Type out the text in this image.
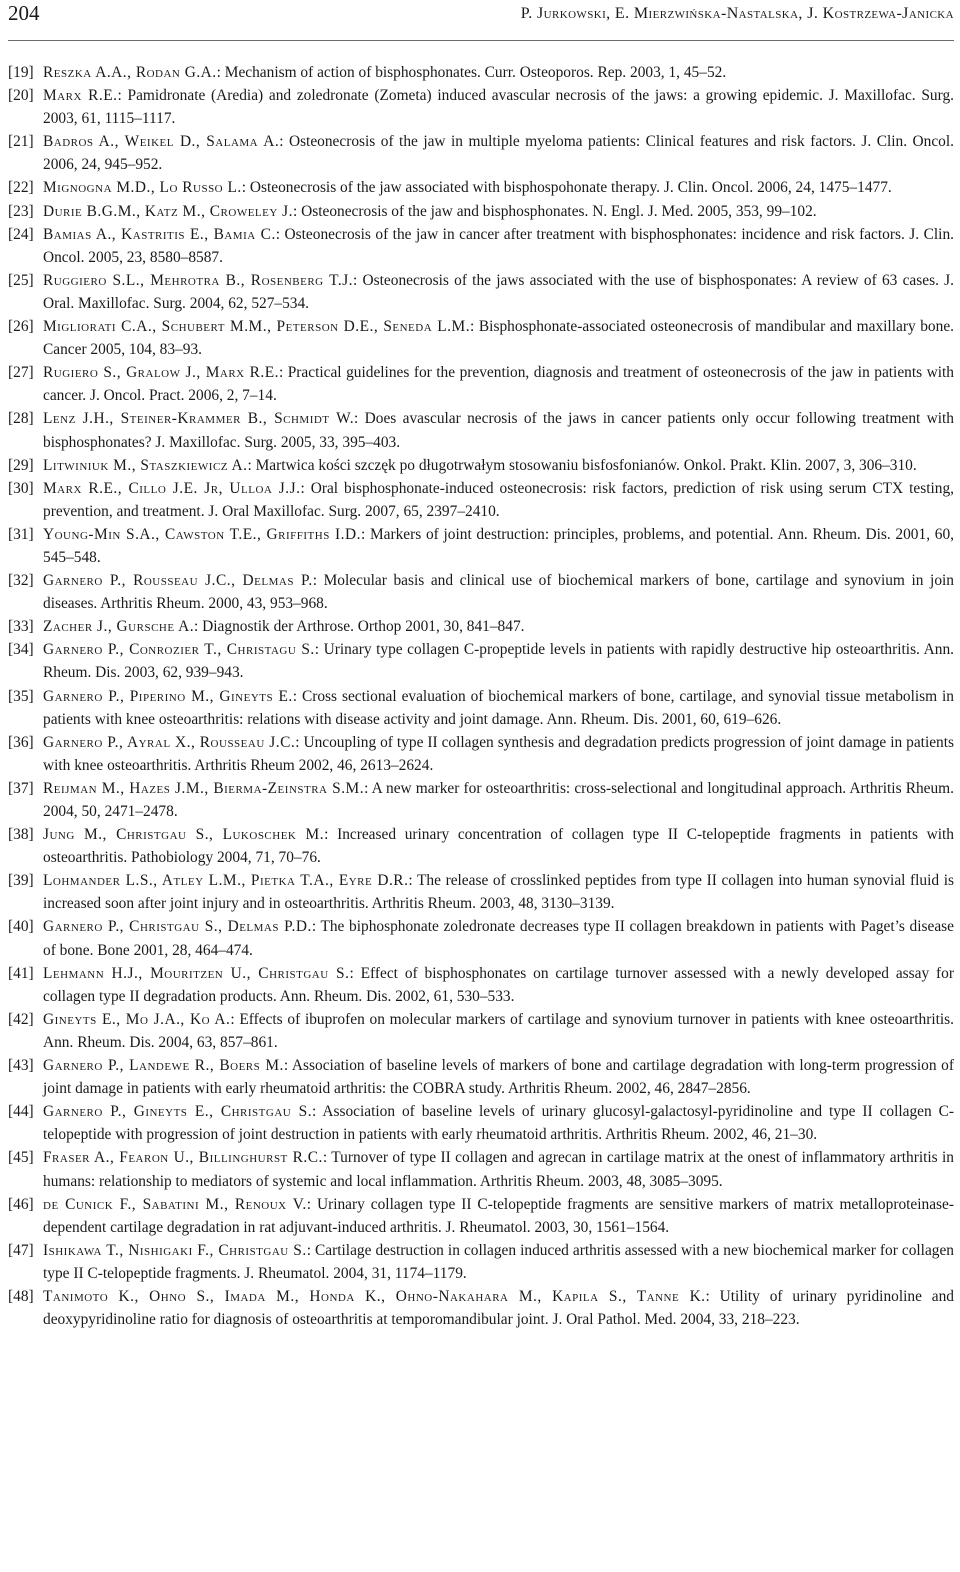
204	P. Jurkowski, E. Mierzwińska-Nastalska, J. Kostrzewa-Janicka
[19] Reszka A.A., Rodan G.A.: Mechanism of action of bisphosphonates. Curr. Osteoporos. Rep. 2003, 1, 45–52.
[20] Marx R.E.: Pamidronate (Aredia) and zoledronate (Zometa) induced avascular necrosis of the jaws: a growing epidemic. J. Maxillofac. Surg. 2003, 61, 1115–1117.
[21] Badros A., Weikel D., Salama A.: Osteonecrosis of the jaw in multiple myeloma patients: Clinical features and risk factors. J. Clin. Oncol. 2006, 24, 945–952.
[22] Mignogna M.D., Lo Russo L.: Osteonecrosis of the jaw associated with bisphospohonate therapy. J. Clin. Oncol. 2006, 24, 1475–1477.
[23] Durie B.G.M., Katz M., Croweley J.: Osteonecrosis of the jaw and bisphosphonates. N. Engl. J. Med. 2005, 353, 99–102.
[24] Bamias A., Kastritis E., Bamia C.: Osteonecrosis of the jaw in cancer after treatment with bisphosphonates: incidence and risk factors. J. Clin. Oncol. 2005, 23, 8580–8587.
[25] Ruggiero S.L., Mehrotra B., Rosenberg T.J.: Osteonecrosis of the jaws associated with the use of bisphosponates: A review of 63 cases. J. Oral. Maxillofac. Surg. 2004, 62, 527–534.
[26] Migliorati C.A., Schubert M.M., Peterson D.E., Seneda L.M.: Bisphosphonate-associated osteonecrosis of mandibular and maxillary bone. Cancer 2005, 104, 83–93.
[27] Rugiero S., Gralow J., Marx R.E.: Practical guidelines for the prevention, diagnosis and treatment of osteonecrosis of the jaw in patients with cancer. J. Oncol. Pract. 2006, 2, 7–14.
[28] Lenz J.H., Steiner-Krammer B., Schmidt W.: Does avascular necrosis of the jaws in cancer patients only occur following treatment with bisphosphonates? J. Maxillofac. Surg. 2005, 33, 395–403.
[29] Litwiniuk M., Staszkiewicz A.: Martwica kości szczęk po długotrwałym stosowaniu bisfosfonianów. Onkol. Prakt. Klin. 2007, 3, 306–310.
[30] Marx R.E., Cillo J.E. Jr, Ulloa J.J.: Oral bisphosphonate-induced osteonecrosis: risk factors, prediction of risk using serum CTX testing, prevention, and treatment. J. Oral Maxillofac. Surg. 2007, 65, 2397–2410.
[31] Young-Min S.A., Cawston T.E., Griffiths I.D.: Markers of joint destruction: principles, problems, and potential. Ann. Rheum. Dis. 2001, 60, 545–548.
[32] Garnero P., Rousseau J.C., Delmas P.: Molecular basis and clinical use of biochemical markers of bone, cartilage and synovium in join diseases. Arthritis Rheum. 2000, 43, 953–968.
[33] Zacher J., Gursche A.: Diagnostik der Arthrose. Orthop 2001, 30, 841–847.
[34] Garnero P., Conrozier T., Christagu S.: Urinary type collagen C-propeptide levels in patients with rapidly destructive hip osteoarthritis. Ann. Rheum. Dis. 2003, 62, 939–943.
[35] Garnero P., Piperino M., Gineyts E.: Cross sectional evaluation of biochemical markers of bone, cartilage, and synovial tissue metabolism in patients with knee osteoarthritis: relations with disease activity and joint damage. Ann. Rheum. Dis. 2001, 60, 619–626.
[36] Garnero P., Ayral X., Rousseau J.C.: Uncoupling of type II collagen synthesis and degradation predicts progression of joint damage in patients with knee osteoarthritis. Arthritis Rheum 2002, 46, 2613–2624.
[37] Reijman M., Hazes J.M., Bierma-Zeinstra S.M.: A new marker for osteoarthritis: cross-selectional and longitudinal approach. Arthritis Rheum. 2004, 50, 2471–2478.
[38] Jung M., Christgau S., Lukoschek M.: Increased urinary concentration of collagen type II C-telopeptide fragments in patients with osteoarthritis. Pathobiology 2004, 71, 70–76.
[39] Lohmander L.S., Atley L.M., Pietka T.A., Eyre D.R.: The release of crosslinked peptides from type II collagen into human synovial fluid is increased soon after joint injury and in osteoarthritis. Arthritis Rheum. 2003, 48, 3130–3139.
[40] Garnero P., Christgau S., Delmas P.D.: The biphosphonate zoledronate decreases type II collagen breakdown in patients with Paget’s disease of bone. Bone 2001, 28, 464–474.
[41] Lehmann H.J., Mouritzen U., Christgau S.: Effect of bisphosphonates on cartilage turnover assessed with a newly developed assay for collagen type II degradation products. Ann. Rheum. Dis. 2002, 61, 530–533.
[42] Gineyts E., Mo J.A., Ko A.: Effects of ibuprofen on molecular markers of cartilage and synovium turnover in patients with knee osteoarthritis. Ann. Rheum. Dis. 2004, 63, 857–861.
[43] Garnero P., Landewe R., Boers M.: Association of baseline levels of markers of bone and cartilage degradation with long-term progression of joint damage in patients with early rheumatoid arthritis: the COBRA study. Arthritis Rheum. 2002, 46, 2847–2856.
[44] Garnero P., Gineyts E., Christgau S.: Association of baseline levels of urinary glucosyl-galactosyl-pyridinoline and type II collagen C-telopeptide with progression of joint destruction in patients with early rheumatoid arthritis. Arthritis Rheum. 2002, 46, 21–30.
[45] Fraser A., Fearon U., Billinghurst R.C.: Turnover of type II collagen and agrecan in cartilage matrix at the onest of inflammatory arthritis in humans: relationship to mediators of systemic and local inflammation. Arthritis Rheum. 2003, 48, 3085–3095.
[46] de Cunick F., Sabatini M., Renoux V.: Urinary collagen type II C-telopeptide fragments are sensitive markers of matrix metalloproteinase-dependent cartilage degradation in rat adjuvant-induced arthritis. J. Rheumatol. 2003, 30, 1561–1564.
[47] Ishikawa T., Nishigaki F., Christgau S.: Cartilage destruction in collagen induced arthritis assessed with a new biochemical marker for collagen type II C-telopeptide fragments. J. Rheumatol. 2004, 31, 1174–1179.
[48] Tanimoto K., Ohno S., Imada M., Honda K., Ohno-Nakahara M., Kapila S., Tanne K.: Utility of urinary pyridinoline and deoxypyridinoline ratio for diagnosis of osteoarthritis at temporomandibular joint. J. Oral Pathol. Med. 2004, 33, 218–223.
